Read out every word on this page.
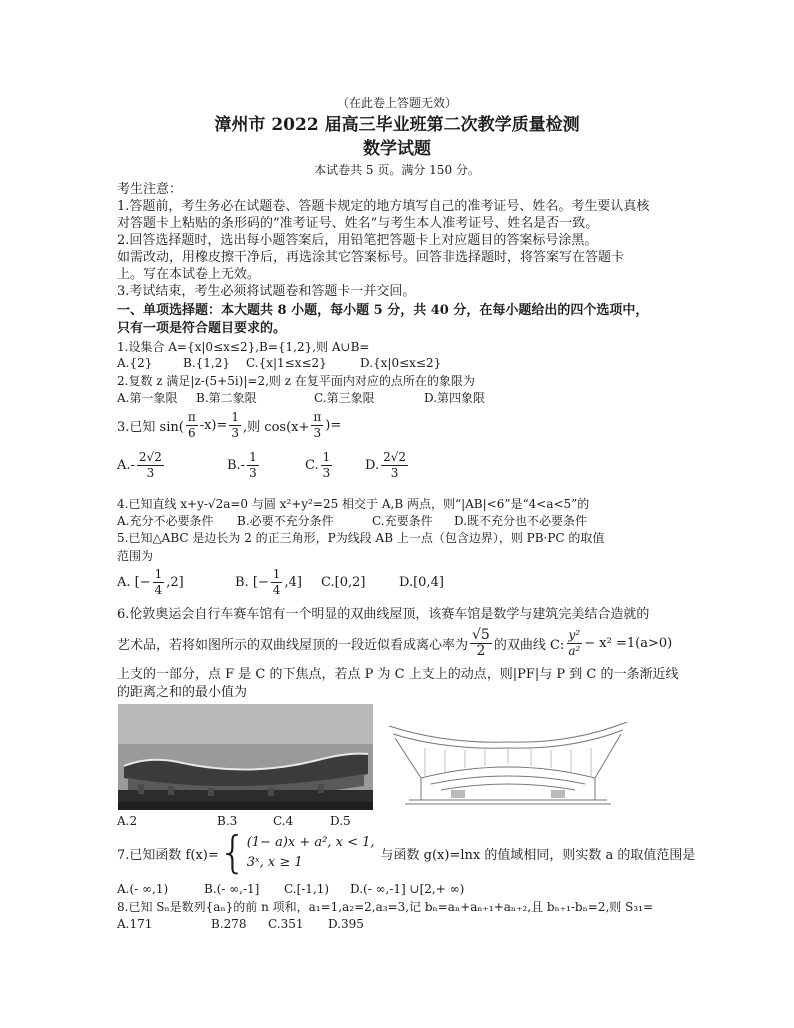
（在此卷上答题无效）
漳州市 2022 届高三毕业班第二次教学质量检测
数学试题
本试卷共 5 页。满分 150 分。
考生注意：
1.答题前，考生务必在试题卷、答题卡规定的地方填写自己的准考证号、姓名。考生要认真核
对答题卡上粘贴的条形码的“准考证号、姓名”与考生本人准考证号、姓名是否一致。
2.回答选择题时，选出每小题答案后，用铅笔把答题卡上对应题目的答案标号涂黑。
如需改动，用橡皮擦干净后，再选涂其它答案标号。回答非选择题时，将答案写在答题卡
上。写在本试卷上无效。
3.考试结束，考生必须将试题卷和答题卡一并交回。
一、单项选择题：本大题共 8 小题，每小题 5 分，共 40 分，在每小题给出的四个选项中，
只有一项是符合题目要求的。
1.设集合 A={x|0≤x≤2},B={1,2},则 A∪B=
A.{2}	B.{1,2} C.{x|1≤x≤2}	D.{x|0≤x≤2}
2.复数 z 满足|z-(5+5i)|=2,则 z 在复平面内对应的点所在的象限为
A.第一象限 B.第二象限	C.第三象限	D.第四象限
3.已知 $\sin( \frac{\pi}{6} -x)= \frac{1}{3}$ ,则 $\cos(x+ \frac{\pi}{3}$ )=
$A.- \frac{2√2}{3}$	$B.- \frac{1}{3}$	C. $\frac{1}{3}$	D. $\frac{2√2}{3}$
4.已知直线 x+y-√2a=0 与圆 x²+y²=25 相交于 A,B 两点，则“|AB|<6”是“4<a<5”的
A.充分不必要条件 B.必要不充分条件	C.充要条件 D.既不充分也不必要条件
5.已知△ABC 是边长为 2 的正三角形，P为线段 AB 上一点（包含边界），则 PB·PC 的取值
范围为
A. [− $\frac{1}{4} ,2$]	B. [− $\frac{1}{4} ,4$] C.[0,2]	D.[0,4]
6.伦敦奥运会自行车赛车馆有一个明显的双曲线屋顶，该赛车馆是数学与建筑完美结合造就的
艺术品，若将如图所示的双曲线屋顶的一段近似看成离心率为 $\frac{√5}{2}$ 的双曲线 C: $\frac{\text{y²}}{\text{a²}} - x^2 =1(a>0)$
上支的一部分，点 F 是 C 的下焦点，若点 P 为 C 上支上的动点，则|PF|与 P 到 C 的一条渐近线
的距离之和的最小值为
A.2	B.3	C.4	D.5
7.已知函数 f(x)= { (1− a)x + a², x < 1,
3ˣ, x ≥ 1	与函数 g(x)=lnx 的值域相同，则实数 a 的取值范围是
A.(- ∞,1)	B.(- ∞,-1] C.[-1,1) D.(- ∞,-1] ∪[2,+ ∞)
8.已知 Sₙ是数列{aₙ}的前 n 项和，a₁=1,a₂=2,a₃=3,记 bₙ=aₙ+aₙ₊₁+aₙ₊₂,且 bₙ₊₁-bₙ=2,则 S₃₁=
A.171	B.278 C.351 D.395
